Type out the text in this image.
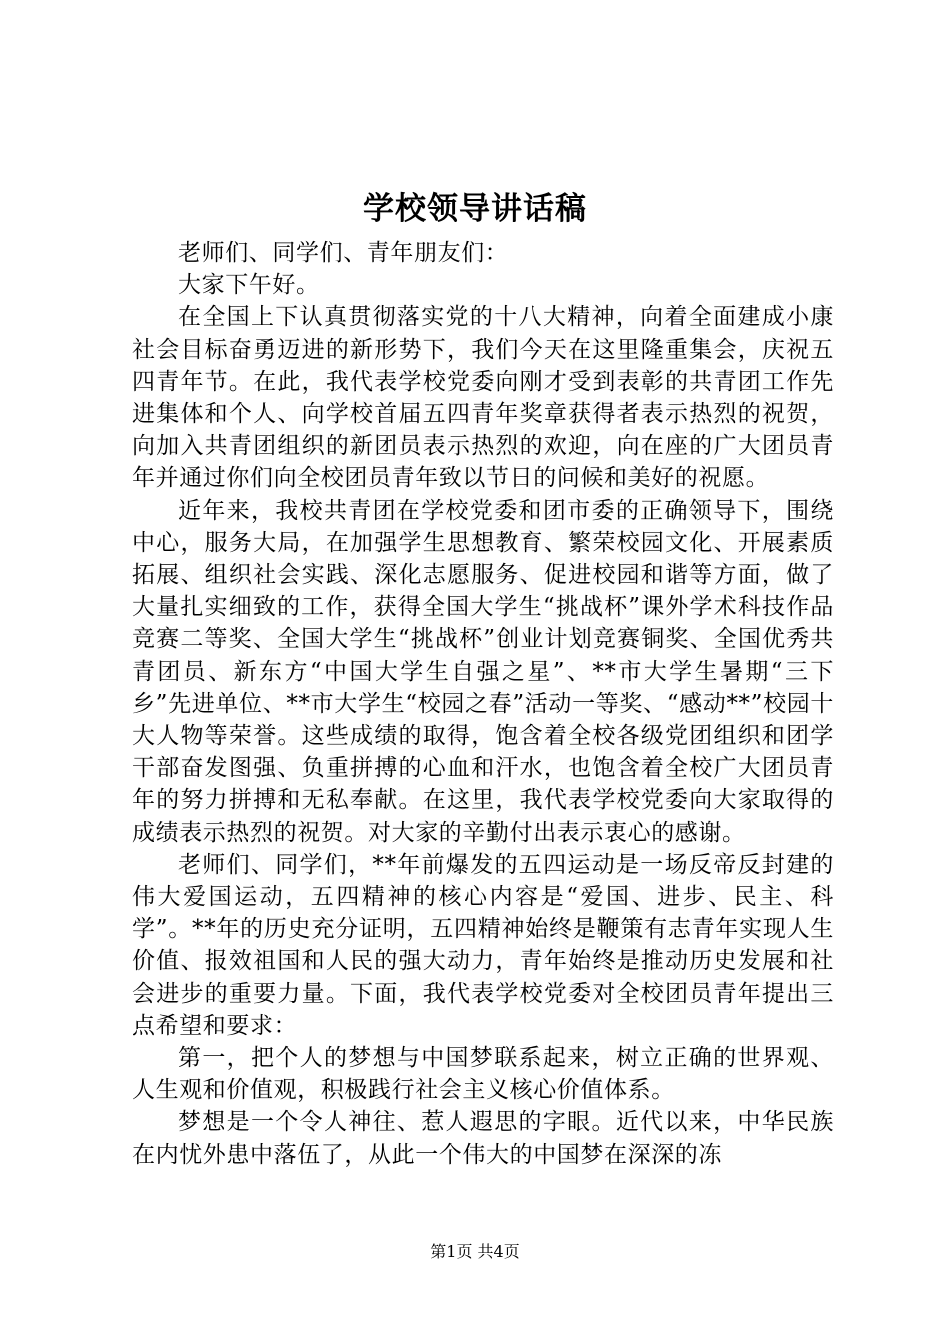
学校领导讲话稿

老师们、同学们、青年朋友们：

大家下午好。

在全国上下认真贯彻落实党的十八大精神，向着全面建成小康社会目标奋勇迈进的新形势下，我们今天在这里隆重集会，庆祝五四青年节。在此，我代表学校党委向刚才受到表彰的共青团工作先进集体和个人、向学校首届五四青年奖章获得者表示热烈的祝贺，向加入共青团组织的新团员表示热烈的欢迎，向在座的广大团员青年并通过你们向全校团员青年致以节日的问候和美好的祝愿。

近年来，我校共青团在学校党委和团市委的正确领导下，围绕中心，服务大局，在加强学生思想教育、繁荣校园文化、开展素质拓展、组织社会实践、深化志愿服务、促进校园和谐等方面，做了大量扎实细致的工作，获得全国大学生“挑战杯”课外学术科技作品竞赛二等奖、全国大学生“挑战杯”创业计划竞赛铜奖、全国优秀共青团员、新东方“中国大学生自强之星”、**市大学生暑期“三下乡”先进单位、**市大学生“校园之春”活动一等奖、“感动**”校园十大人物等荣誉。这些成绩的取得，饱含着全校各级党团组织和团学干部奋发图强、负重拼搏的心血和汗水，也饱含着全校广大团员青年的努力拼搏和无私奉献。在这里，我代表学校党委向大家取得的成绩表示热烈的祝贺。对大家的辛勤付出表示衷心的感谢。

老师们、同学们，**年前爆发的五四运动是一场反帝反封建的伟大爱国运动，五四精神的核心内容是“爱国、进步、民主、科学”。**年的历史充分证明，五四精神始终是鞭策有志青年实现人生价值、报效祖国和人民的强大动力，青年始终是推动历史发展和社会进步的重要力量。下面，我代表学校党委对全校团员青年提出三点希望和要求：

第一，把个人的梦想与中国梦联系起来，树立正确的世界观、人生观和价值观，积极践行社会主义核心价值体系。

梦想是一个令人神往、惹人遐思的字眼。近代以来，中华民族在内忧外患中落伍了，从此一个伟大的中国梦在深深的冻

第1页 共4页
